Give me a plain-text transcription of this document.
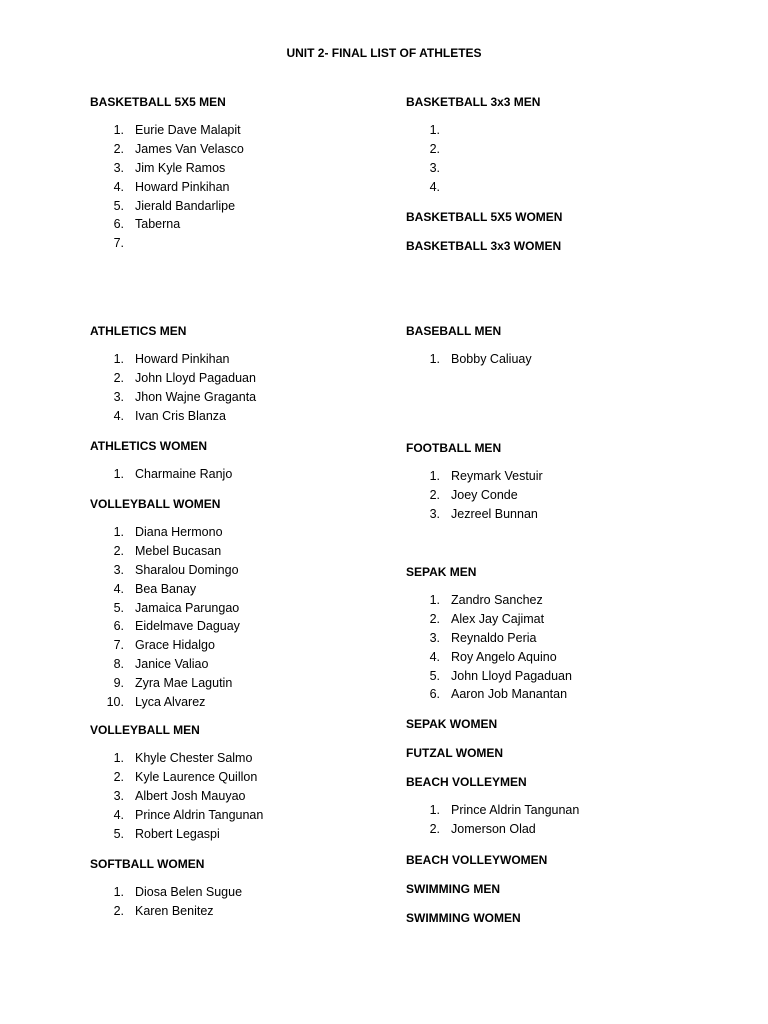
UNIT 2- FINAL LIST OF ATHLETES
BASKETBALL 5X5 MEN
1. Eurie Dave Malapit
2. James Van Velasco
3. Jim Kyle Ramos
4. Howard Pinkihan
5. Jierald Bandarlipe
6. Taberna
7.
ATHLETICS MEN
1. Howard Pinkihan
2. John Lloyd Pagaduan
3. Jhon Wajne Graganta
4. Ivan Cris Blanza
ATHLETICS WOMEN
1. Charmaine Ranjo
VOLLEYBALL WOMEN
1. Diana Hermono
2. Mebel Bucasan
3. Sharalou Domingo
4. Bea Banay
5. Jamaica Parungao
6. Eidelmave Daguay
7. Grace Hidalgo
8. Janice Valiao
9. Zyra Mae Lagutin
10. Lyca Alvarez
VOLLEYBALL MEN
1. Khyle Chester Salmo
2. Kyle Laurence Quillon
3. Albert Josh Mauyao
4. Prince Aldrin Tangunan
5. Robert Legaspi
SOFTBALL WOMEN
1. Diosa Belen Sugue
2. Karen Benitez
BASKETBALL 3x3 MEN
1.
2.
3.
4.
BASKETBALL 5X5 WOMEN
BASKETBALL 3x3 WOMEN
BASEBALL MEN
1. Bobby Caliuay
FOOTBALL MEN
1. Reymark Vestuir
2. Joey Conde
3. Jezreel Bunnan
SEPAK MEN
1. Zandro Sanchez
2. Alex Jay Cajimat
3. Reynaldo Peria
4. Roy Angelo Aquino
5. John Lloyd Pagaduan
6. Aaron Job Manantan
SEPAK WOMEN
FUTZAL WOMEN
BEACH VOLLEYMEN
1. Prince Aldrin Tangunan
2. Jomerson Olad
BEACH VOLLEYWOMEN
SWIMMING MEN
SWIMMING WOMEN
